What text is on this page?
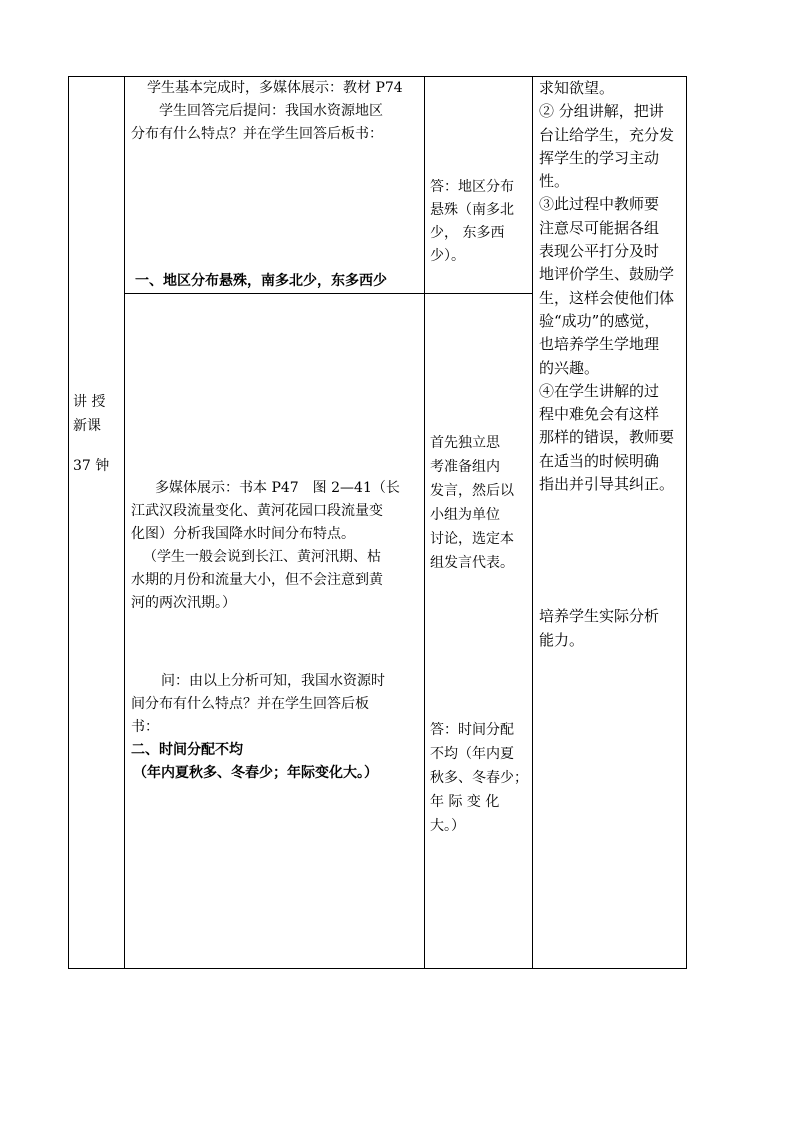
讲 授

新课

37 钟

学生基本完成时，多媒体展示：教材 P74

学生回答完后提问：我国水资源地区

分布有什么特点？并在学生回答后板书：

一、地区分布悬殊，南多北少，东多西少

答：地区分布

悬殊（南多北

少， 东多西

少）。

多媒体展示：书本 P47　图 2—41（长

江武汉段流量变化、黄河花园口段流量变

化图）分析我国降水时间分布特点。

（学生一般会说到长江、黄河汛期、枯

水期的月份和流量大小，但不会注意到黄

河的两次汛期。）

问：由以上分析可知，我国水资源时

间分布有什么特点？并在学生回答后板

书：

二、时间分配不均

（年内夏秋多、冬春少；年际变化大。）

首先独立思

考准备组内

发言，然后以

小组为单位

讨论，选定本

组发言代表。

答：时间分配

不均（年内夏

秋多、冬春少；

年 际 变 化

大。）

求知欲望。

② 分组讲解，把讲

台让给学生，充分发

挥学生的学习主动

性。

③此过程中教师要

注意尽可能据各组

表现公平打分及时

地评价学生、鼓励学

生，这样会使他们体

验“成功”的感觉，

也培养学生学地理

的兴趣。

④在学生讲解的过

程中难免会有这样

那样的错误，教师要

在适当的时候明确

指出并引导其纠正。

培养学生实际分析

能力。
